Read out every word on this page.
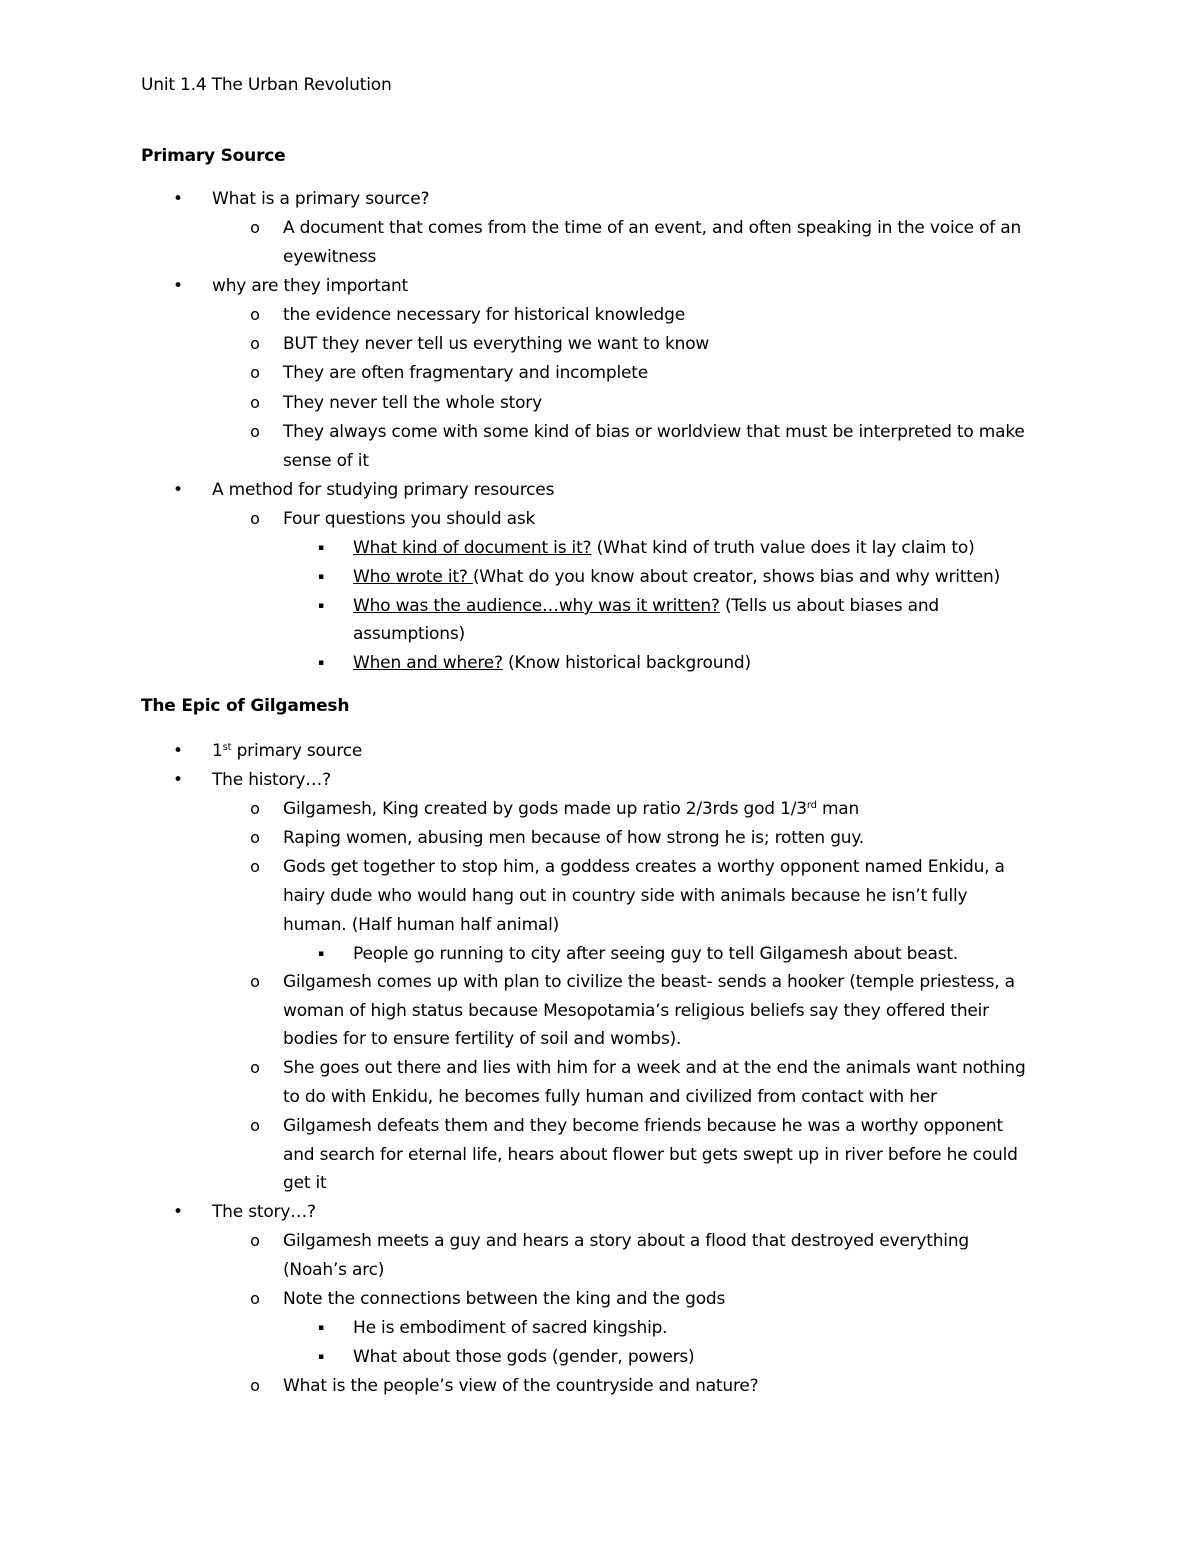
Unit 1.4 The Urban Revolution
Primary Source
• What is a primary source?
o A document that comes from the time of an event, and often speaking in the voice of an
eyewitness
• why are they important
o the evidence necessary for historical knowledge
o BUT they never tell us everything we want to know
o They are often fragmentary and incomplete
o They never tell the whole story
o They always come with some kind of bias or worldview that must be interpreted to make
sense of it
• A method for studying primary resources
o Four questions you should ask
▪ What kind of document is it? (What kind of truth value does it lay claim to)
▪ Who wrote it? (What do you know about creator, shows bias and why written)
▪ Who was the audience…why was it written? (Tells us about biases and
assumptions)
▪ When and where? (Know historical background)
The Epic of Gilgamesh
• 1st primary source
• The history…?
o Gilgamesh, King created by gods made up ratio 2/3rds god 1/3rd man
o Raping women, abusing men because of how strong he is; rotten guy.
o Gods get together to stop him, a goddess creates a worthy opponent named Enkidu, a
hairy dude who would hang out in country side with animals because he isn’t fully
human. (Half human half animal)
▪ People go running to city after seeing guy to tell Gilgamesh about beast.
o Gilgamesh comes up with plan to civilize the beast- sends a hooker (temple priestess, a
woman of high status because Mesopotamia’s religious beliefs say they offered their
bodies for to ensure fertility of soil and wombs).
o She goes out there and lies with him for a week and at the end the animals want nothing
to do with Enkidu, he becomes fully human and civilized from contact with her
o Gilgamesh defeats them and they become friends because he was a worthy opponent
and search for eternal life, hears about flower but gets swept up in river before he could
get it
• The story…?
o Gilgamesh meets a guy and hears a story about a flood that destroyed everything
(Noah’s arc)
o Note the connections between the king and the gods
▪ He is embodiment of sacred kingship.
▪ What about those gods (gender, powers)
o What is the people’s view of the countryside and nature?
